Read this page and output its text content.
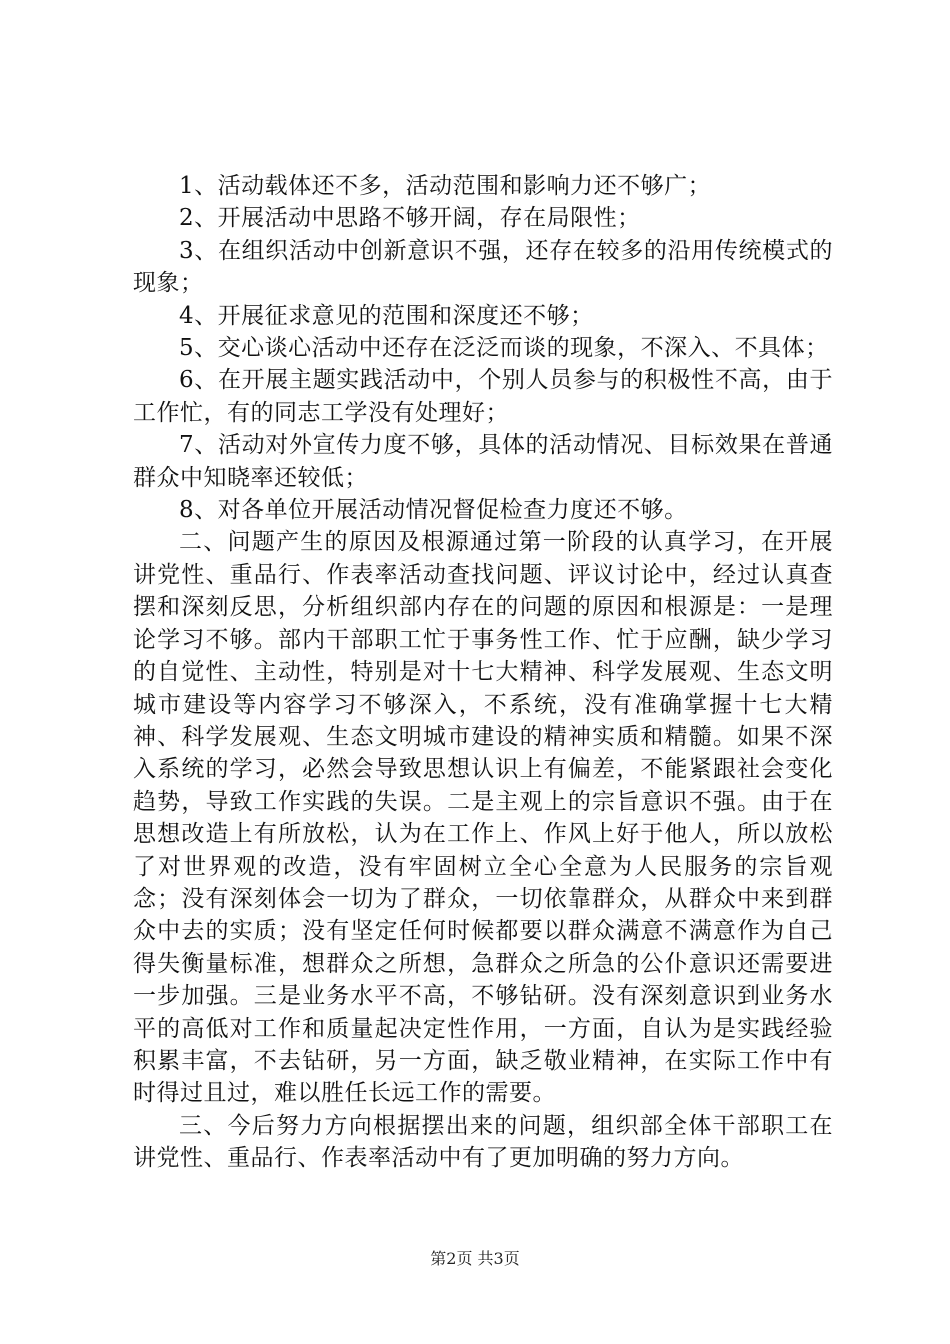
1、活动载体还不多，活动范围和影响力还不够广；

2、开展活动中思路不够开阔，存在局限性；

3、在组织活动中创新意识不强，还存在较多的沿用传统模式的现象；

4、开展征求意见的范围和深度还不够；

5、交心谈心活动中还存在泛泛而谈的现象，不深入、不具体；

6、在开展主题实践活动中，个别人员参与的积极性不高，由于工作忙，有的同志工学没有处理好；

7、活动对外宣传力度不够，具体的活动情况、目标效果在普通群众中知晓率还较低；

8、对各单位开展活动情况督促检查力度还不够。

二、问题产生的原因及根源通过第一阶段的认真学习，在开展讲党性、重品行、作表率活动查找问题、评议讨论中，经过认真查摆和深刻反思，分析组织部内存在的问题的原因和根源是：一是理论学习不够。部内干部职工忙于事务性工作、忙于应酬，缺少学习的自觉性、主动性，特别是对十七大精神、科学发展观、生态文明城市建设等内容学习不够深入，不系统，没有准确掌握十七大精神、科学发展观、生态文明城市建设的精神实质和精髓。如果不深入系统的学习，必然会导致思想认识上有偏差，不能紧跟社会变化趋势，导致工作实践的失误。二是主观上的宗旨意识不强。由于在思想改造上有所放松，认为在工作上、作风上好于他人，所以放松了对世界观的改造，没有牢固树立全心全意为人民服务的宗旨观念；没有深刻体会一切为了群众，一切依靠群众，从群众中来到群众中去的实质；没有坚定任何时候都要以群众满意不满意作为自己得失衡量标准，想群众之所想，急群众之所急的公仆意识还需要进一步加强。三是业务水平不高，不够钻研。没有深刻意识到业务水平的高低对工作和质量起决定性作用，一方面，自认为是实践经验积累丰富，不去钻研，另一方面，缺乏敬业精神，在实际工作中有时得过且过，难以胜任长远工作的需要。

三、今后努力方向根据摆出来的问题，组织部全体干部职工在讲党性、重品行、作表率活动中有了更加明确的努力方向。

第2页 共3页
